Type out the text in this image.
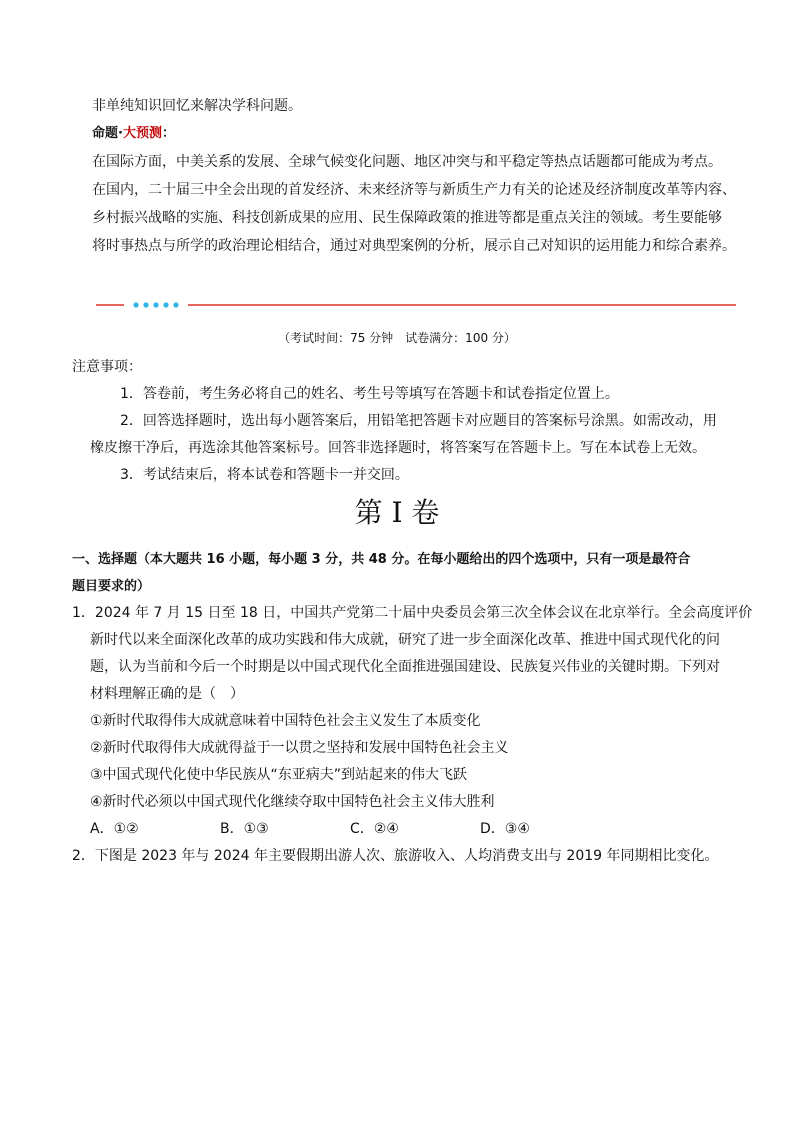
非单纯知识回忆来解决学科问题。
命题·大预测：
在国际方面，中美关系的发展、全球气候变化问题、地区冲突与和平稳定等热点话题都可能成为考点。
在国内，二十届三中全会出现的首发经济、未来经济等与新质生产力有关的论述及经济制度改革等内容、
乡村振兴战略的实施、科技创新成果的应用、民生保障政策的推进等都是重点关注的领域。考生要能够
将时事热点与所学的政治理论相结合，通过对典型案例的分析，展示自己对知识的运用能力和综合素养。
（考试时间：75 分钟　试卷满分：100 分）
注意事项：
1．答卷前，考生务必将自己的姓名、考生号等填写在答题卡和试卷指定位置上。
2．回答选择题时，选出每小题答案后，用铅笔把答题卡对应题目的答案标号涂黑。如需改动，用
橡皮擦干净后，再选涂其他答案标号。回答非选择题时，将答案写在答题卡上。写在本试卷上无效。
3．考试结束后，将本试卷和答题卡一并交回。
第 I 卷
一、选择题（本大题共 16 小题，每小题 3 分，共 48 分。在每小题给出的四个选项中，只有一项是最符合
题目要求的）
1．2024 年 7 月 15 日至 18 日，中国共产党第二十届中央委员会第三次全体会议在北京举行。全会高度评价
新时代以来全面深化改革的成功实践和伟大成就，研究了进一步全面深化改革、推进中国式现代化的问
题，认为当前和今后一个时期是以中国式现代化全面推进强国建设、民族复兴伟业的关键时期。下列对
材料理解正确的是（　）
①新时代取得伟大成就意味着中国特色社会主义发生了本质变化
②新时代取得伟大成就得益于一以贯之坚持和发展中国特色社会主义
③中国式现代化使中华民族从“东亚病夫”到站起来的伟大飞跃
④新时代必须以中国式现代化继续夺取中国特色社会主义伟大胜利
A．①②	B．①③	C．②④	D．③④
2．下图是 2023 年与 2024 年主要假期出游人次、旅游收入、人均消费支出与 2019 年同期相比变化。
